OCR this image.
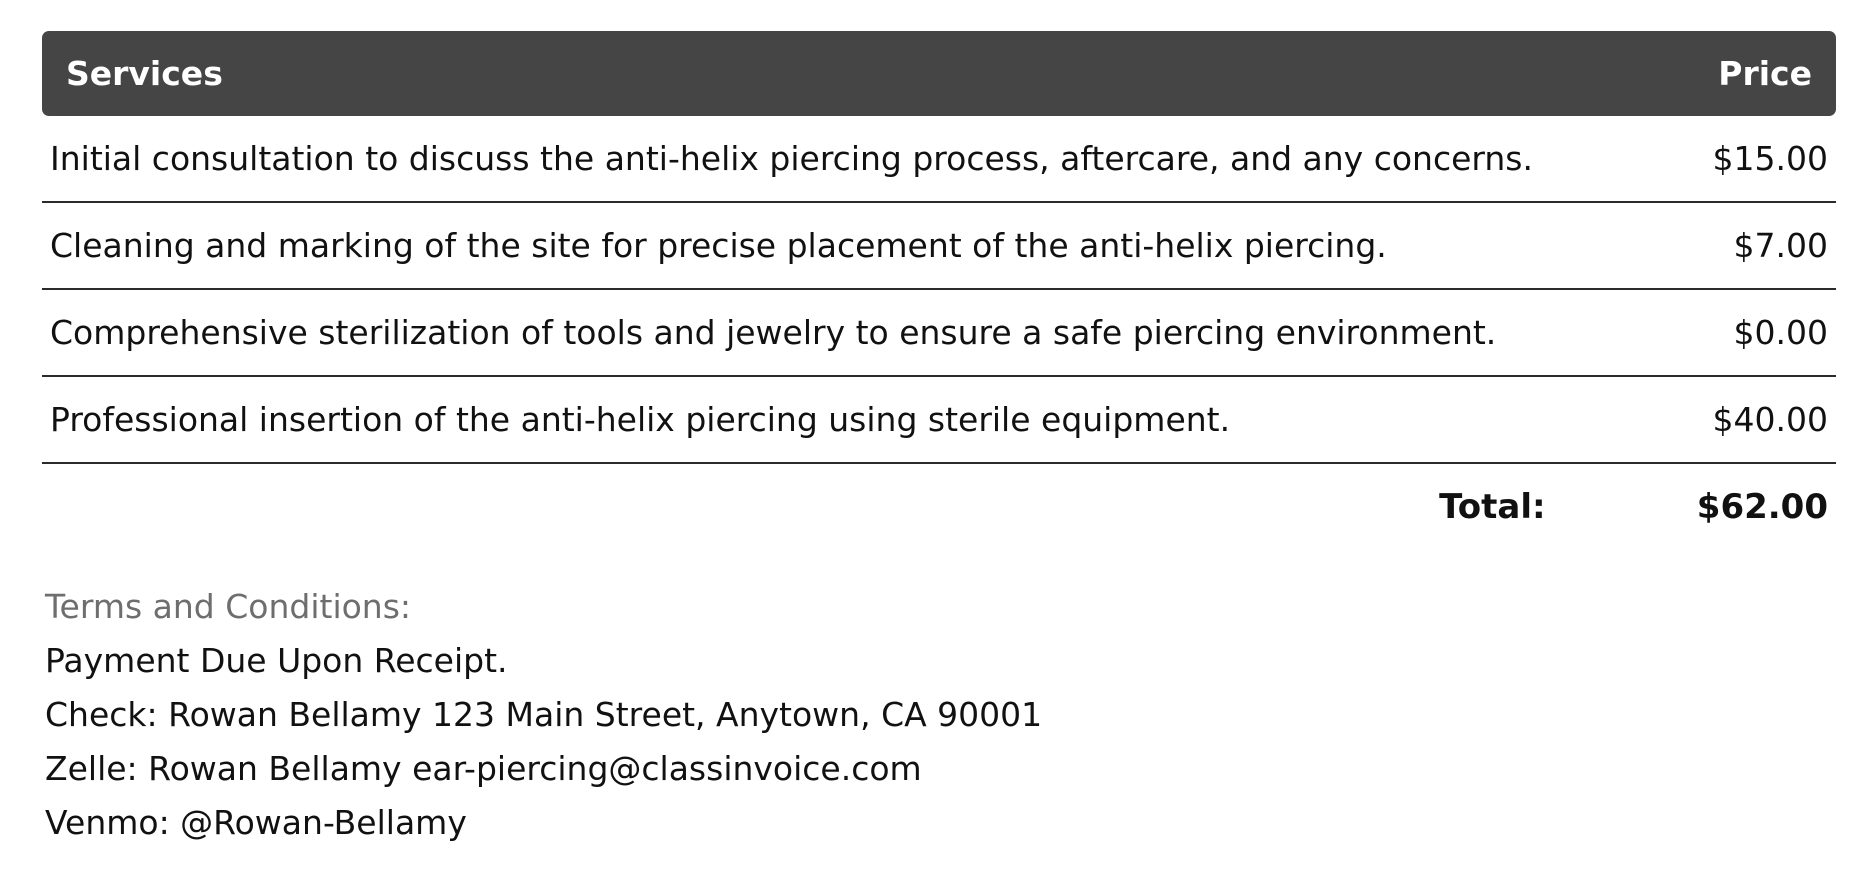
Services	Price
Initial consultation to discuss the anti-helix piercing process, aftercare, and any concerns.	$15.00
Cleaning and marking of the site for precise placement of the anti-helix piercing.	$7.00
Comprehensive sterilization of tools and jewelry to ensure a safe piercing environment.	$0.00
Professional insertion of the anti-helix piercing using sterile equipment.	$40.00
Total:	$62.00
Terms and Conditions:
Payment Due Upon Receipt.
Check: Rowan Bellamy 123 Main Street, Anytown, CA 90001
Zelle: Rowan Bellamy ear-piercing@classinvoice.com
Venmo: @Rowan-Bellamy
